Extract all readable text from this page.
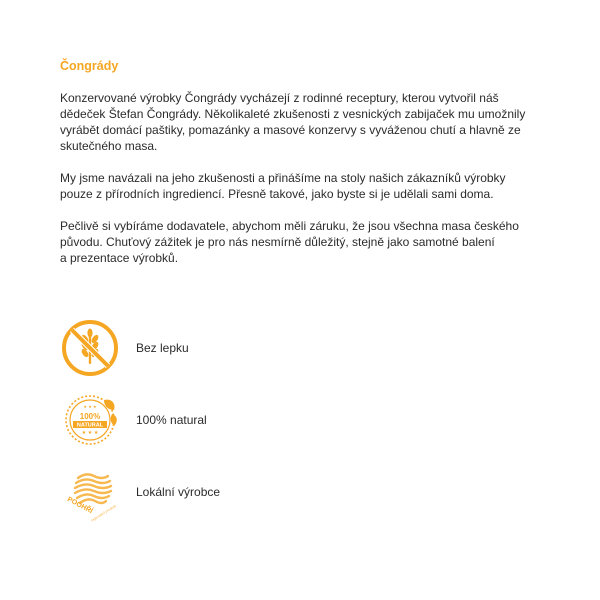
Čongrády

Konzervované výrobky Čongrády vycházejí z rodinné receptury, kterou vytvořil náš
dědeček Štefan Čongrády. Několikaleté zkušenosti z vesnických zabijaček mu umožnily
vyrábět domácí paštiky, pomazánky a masové konzervy s vyváženou chutí a hlavně ze
skutečného masa.

My jsme navázali na jeho zkušenosti a přinášíme na stoly našich zákazníků výrobky
pouze z přírodních ingrediencí. Přesně takové, jako byste si je udělali sami doma.

Pečlivě si vybíráme dodavatele, abychom měli záruku, že jsou všechna masa českého
původu. Chuťový zážitek je pro nás nesmírně důležitý, stejně jako samotné balení
a prezentace výrobků.

Bez lepku
★ ★ ★
★ ★ ★
100%
NATURAL	100% natural
POOHŘÍ
regionální produkt
Lokální výrobce
